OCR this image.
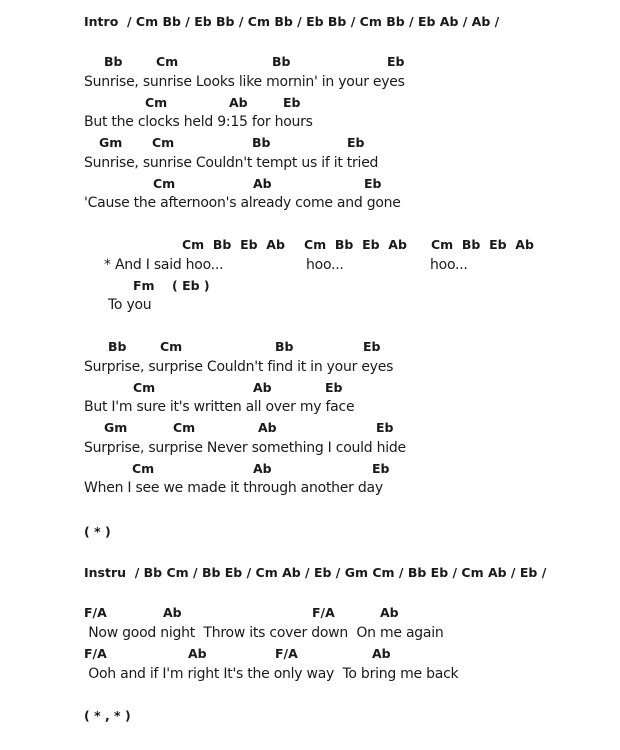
Intro  / Cm Bb / Eb Bb / Cm Bb / Eb Bb / Cm Bb / Eb Ab / Ab /
Bb	Cm	Bb	Eb
Sunrise, sunrise Looks like mornin' in your eyes
Cm	Ab	Eb
But the clocks held 9:15 for hours
Gm Cm	Bb	Eb
Sunrise, sunrise Couldn't tempt us if it tried
Cm	Ab	Eb
'Cause the afternoon's already come and gone
Cm  Bb  Eb  Ab Cm  Bb  Eb  Ab Cm  Bb  Eb  Ab
* And I said hoo...	hoo...	hoo...
Fm ( Eb )
To you
Bb	Cm	Bb	Eb
Surprise, surprise Couldn't find it in your eyes
Cm	Ab	Eb
But I'm sure it's written all over my face
Gm	Cm	Ab	Eb
Surprise, surprise Never something I could hide
Cm	Ab	Eb
When I see we made it through another day
( * )
Instru  / Bb Cm / Bb Eb / Cm Ab / Eb / Gm Cm / Bb Eb / Cm Ab / Eb /
F/A	Ab	F/A	Ab
Now good night  Throw its cover down  On me again
F/A	Ab	F/A	Ab
Ooh and if I'm right It's the only way  To bring me back
( * , * )
